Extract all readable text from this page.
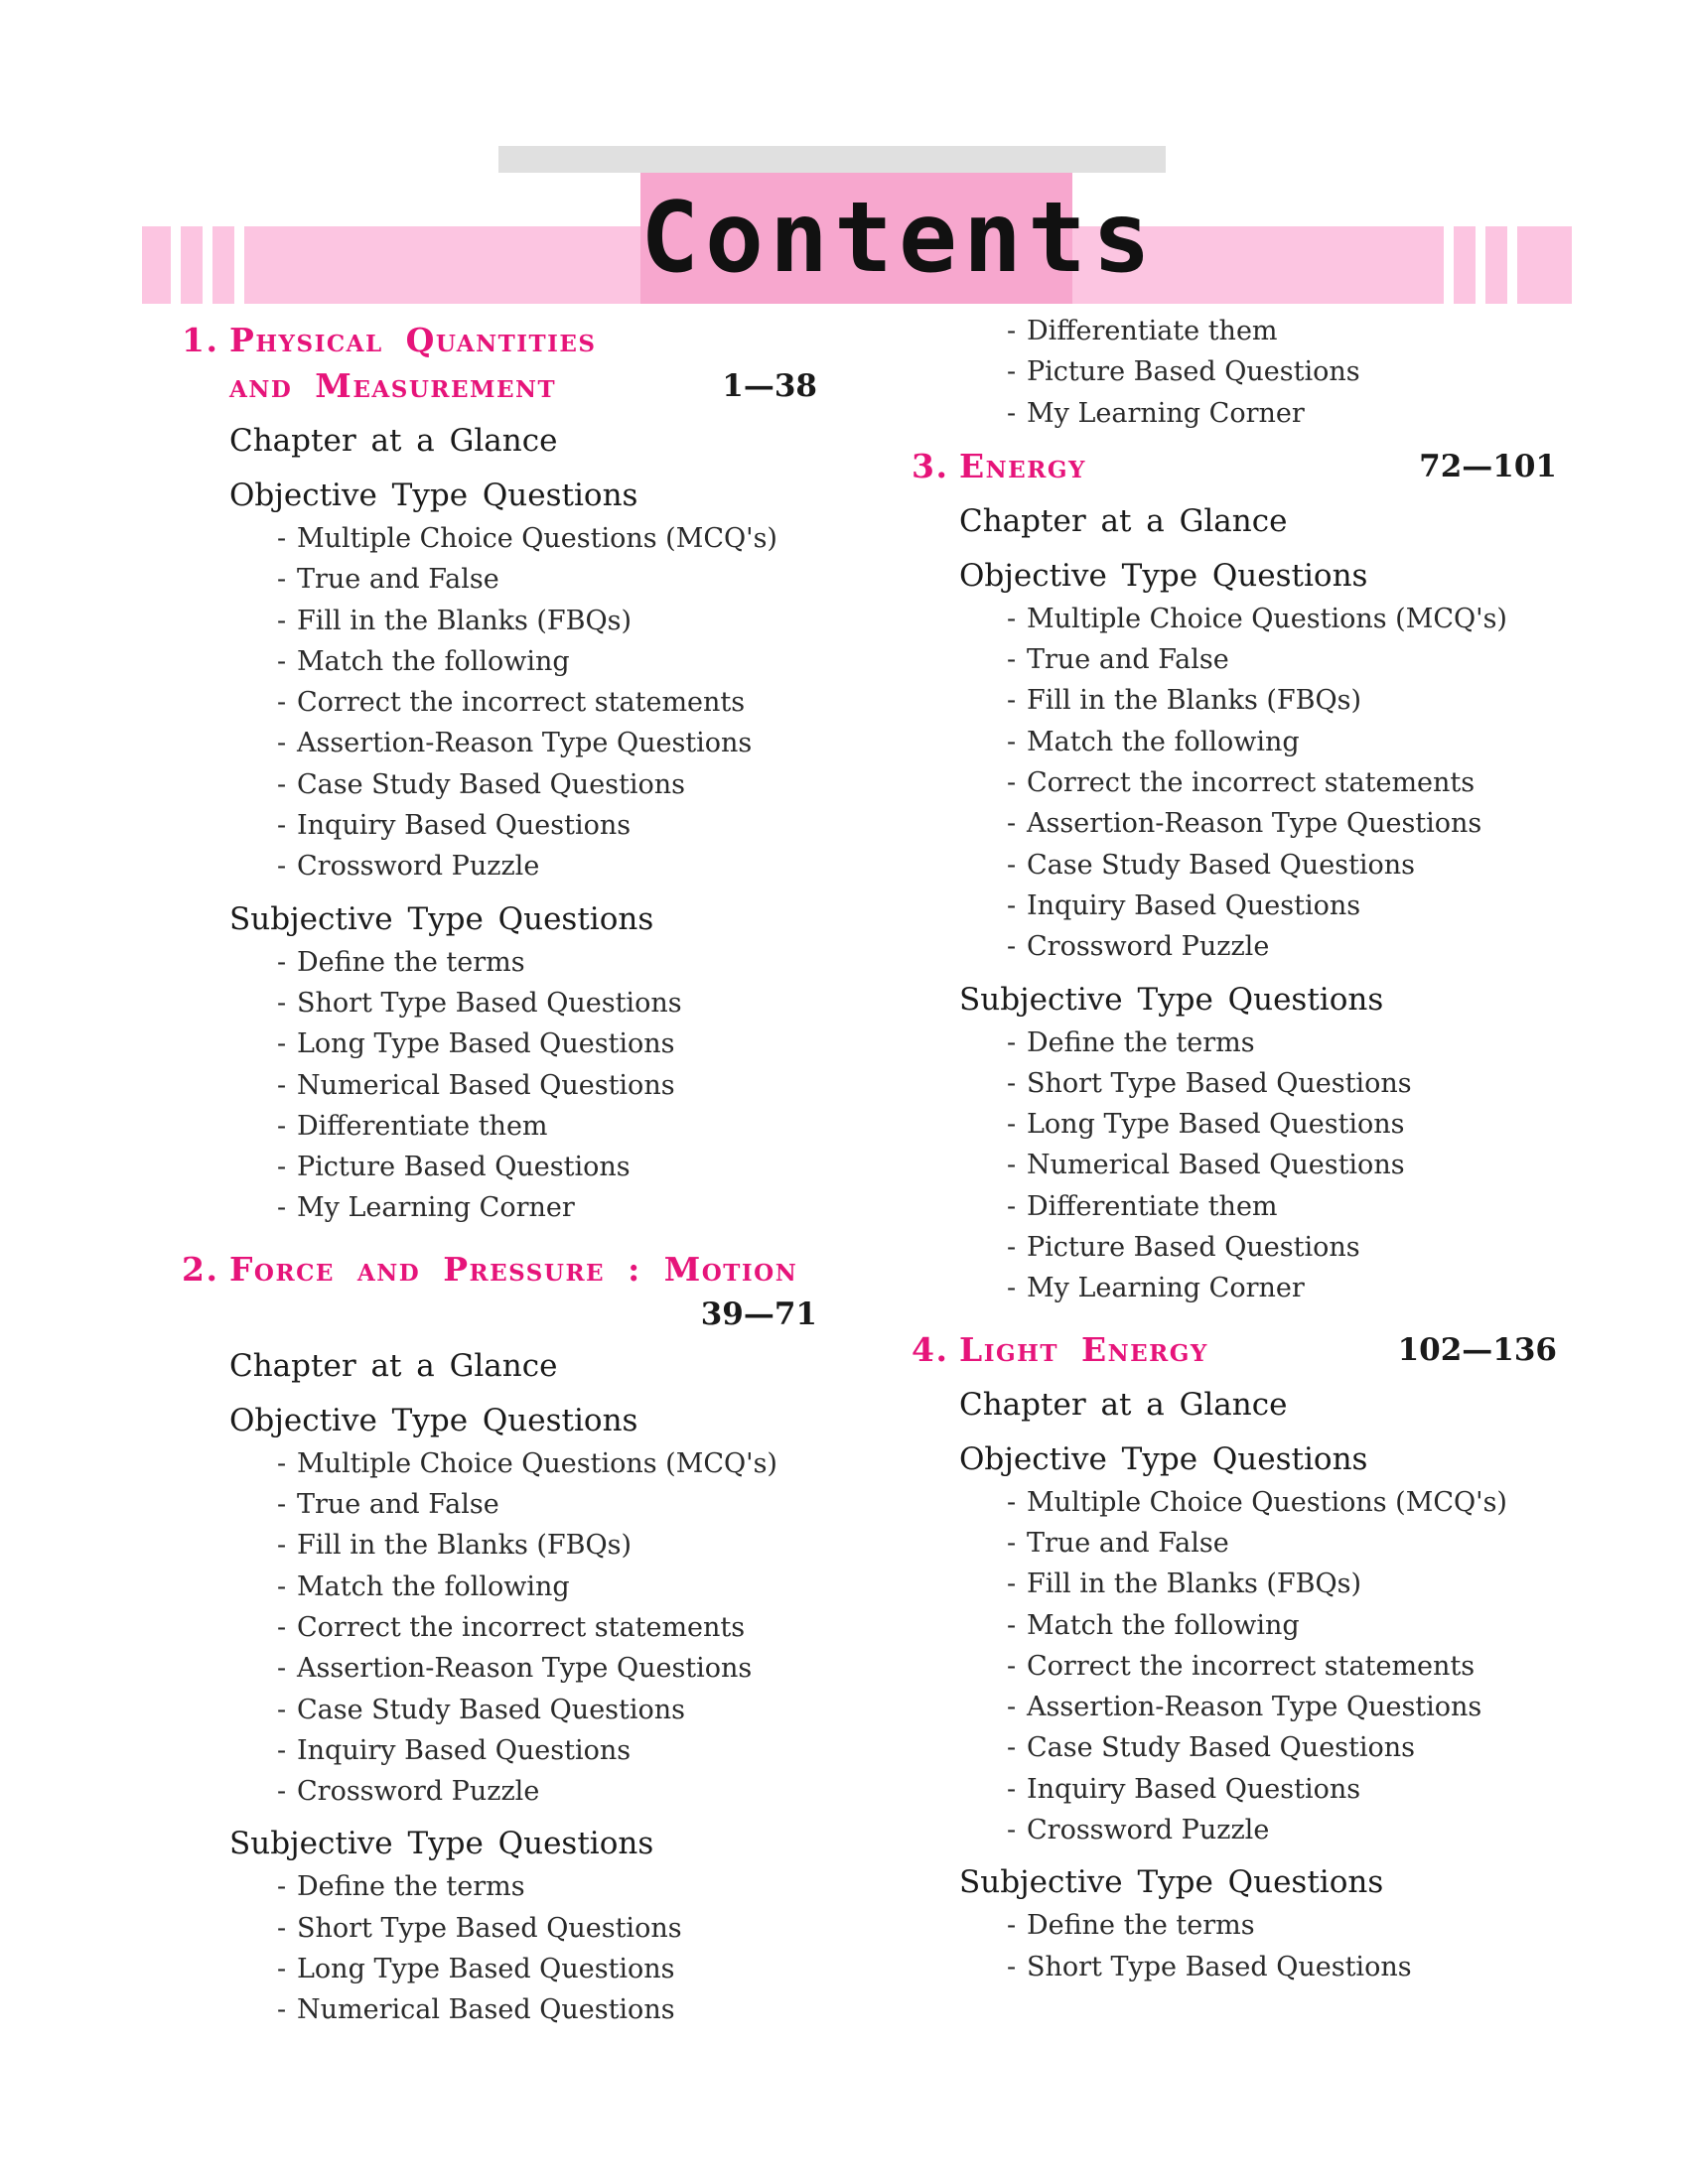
Contents
1. Physical Quantities
and Measurement	1—38
Chapter at a Glance
Objective Type Questions
- Multiple Choice Questions (MCQ's)
- True and False
- Fill in the Blanks (FBQs)
- Match the following
- Correct the incorrect statements
- Assertion-Reason Type Questions
- Case Study Based Questions
- Inquiry Based Questions
- Crossword Puzzle
Subjective Type Questions
- Define the terms
- Short Type Based Questions
- Long Type Based Questions
- Numerical Based Questions
- Differentiate them
- Picture Based Questions
- My Learning Corner
2. Force and Pressure : Motion
39—71
Chapter at a Glance
Objective Type Questions
- Multiple Choice Questions (MCQ's)
- True and False
- Fill in the Blanks (FBQs)
- Match the following
- Correct the incorrect statements
- Assertion-Reason Type Questions
- Case Study Based Questions
- Inquiry Based Questions
- Crossword Puzzle
Subjective Type Questions
- Define the terms
- Short Type Based Questions
- Long Type Based Questions
- Numerical Based Questions
- Differentiate them
- Picture Based Questions
- My Learning Corner
3. Energy	72—101
Chapter at a Glance
Objective Type Questions
- Multiple Choice Questions (MCQ's)
- True and False
- Fill in the Blanks (FBQs)
- Match the following
- Correct the incorrect statements
- Assertion-Reason Type Questions
- Case Study Based Questions
- Inquiry Based Questions
- Crossword Puzzle
Subjective Type Questions
- Define the terms
- Short Type Based Questions
- Long Type Based Questions
- Numerical Based Questions
- Differentiate them
- Picture Based Questions
- My Learning Corner
4. Light Energy	102—136
Chapter at a Glance
Objective Type Questions
- Multiple Choice Questions (MCQ's)
- True and False
- Fill in the Blanks (FBQs)
- Match the following
- Correct the incorrect statements
- Assertion-Reason Type Questions
- Case Study Based Questions
- Inquiry Based Questions
- Crossword Puzzle
Subjective Type Questions
- Define the terms
- Short Type Based Questions
